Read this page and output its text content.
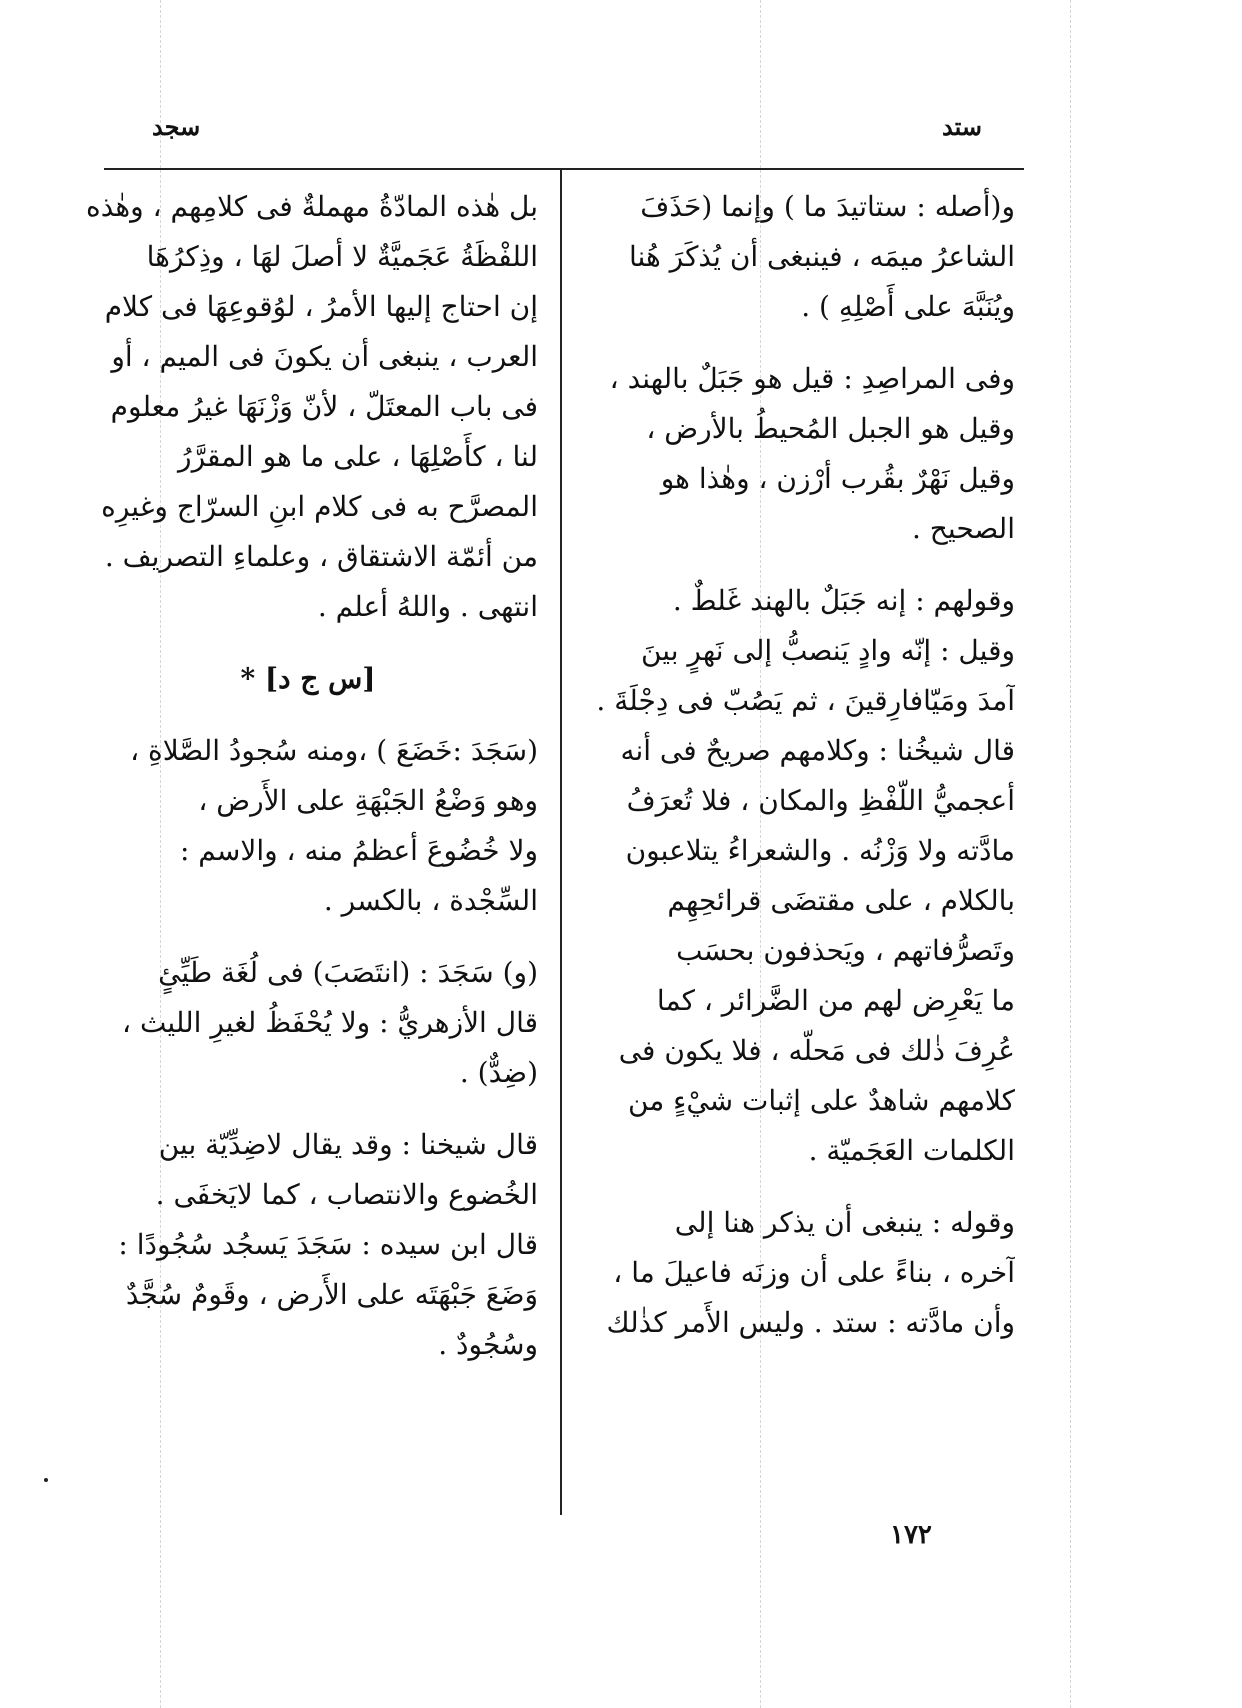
ستد
سجد
و(أصله : ستاتيدَ ما ) وإنما (حَذَفَ
الشاعرُ ميمَه ، فينبغى أن يُذكَرَ هُنا
ويُنَبَّهَ على أَصْلِهِ ) .
وفى المراصِدِ : قيل هو جَبَلٌ بالهند ،
وقيل هو الجبل المُحيطُ بالأرض ،
وقيل نَهْرٌ بقُرب أرْزن ، وهٰذا هو
الصحيح .
وقولهم : إنه جَبَلٌ بالهند غَلطٌ .
وقيل : إنّه وادٍ يَنصبُّ إلى نَهرٍ بينَ
آمدَ ومَيّافارِقينَ ، ثم يَصُبّ فى دِجْلَةَ .
قال شيخُنا : وكلامهم صريحٌ فى أنه
أعجميُّ اللّفْظِ والمكان ، فلا تُعرَفُ
مادَّته ولا وَزْنُه . والشعراءُ يتلاعبون
بالكلام ، على مقتضَى قرائحِهِم
وتَصرُّفاتهم ، ويَحذفون بحسَب
ما يَعْرِض لهم من الضَّرائر ، كما
عُرِفَ ذٰلك فى مَحلّه ، فلا يكون فى
كلامهم شاهدٌ على إثبات شيْءٍ من
الكلمات العَجَميّة .
وقوله : ينبغى أن يذكر هنا إلى
آخره ، بناءً على أن وزنَه فاعيلَ ما ،
وأن مادَّته : ستد . وليس الأَمر كذٰلك
بل هٰذه المادّةُ مهملةٌ فى كلامِهم ، وهٰذه
اللفْظَةُ عَجَميَّةٌ لا أصلَ لهَا ، وذِكرُهَا
إن احتاج إليها الأمرُ ، لوُقوعِهَا فى كلام
العرب ، ينبغى أن يكونَ فى الميم ، أو
فى باب المعتَلّ ، لأنّ وَزْنَهَا غيرُ معلوم
لنا ، كأَصْلِهَا ، على ما هو المقرَّرُ
المصرَّح به فى كلام ابنِ السرّاج وغيرِه
من أئمّة الاشتقاق ، وعلماءِ التصريف .
انتهى . واللهُ أعلم .
[س ج د] *
(سَجَدَ :خَضَعَ ) ،ومنه سُجودُ الصَّلاةِ ،
وهو وَضْعُ الجَبْهَةِ على الأَرض ،
ولا خُضُوعَ أعظمُ منه ، والاسم :
السِّجْدة ، بالكسر .
(و) سَجَدَ : (انتَصَبَ) فى لُغَة طَيِّئٍ
قال الأزهريُّ : ولا يُحْفَظُ لغيرِ الليث ،
(ضِدٌّ) .
قال شيخنا : وقد يقال لاضِدِّيّة بين
الخُضوع والانتصاب ، كما لايَخفَى .
قال ابن سيده : سَجَدَ يَسجُد سُجُودًا :
وَضَعَ جَبْهَتَه على الأَرض ، وقَومٌ سُجَّدٌ
وسُجُودٌ .
١٧٢
